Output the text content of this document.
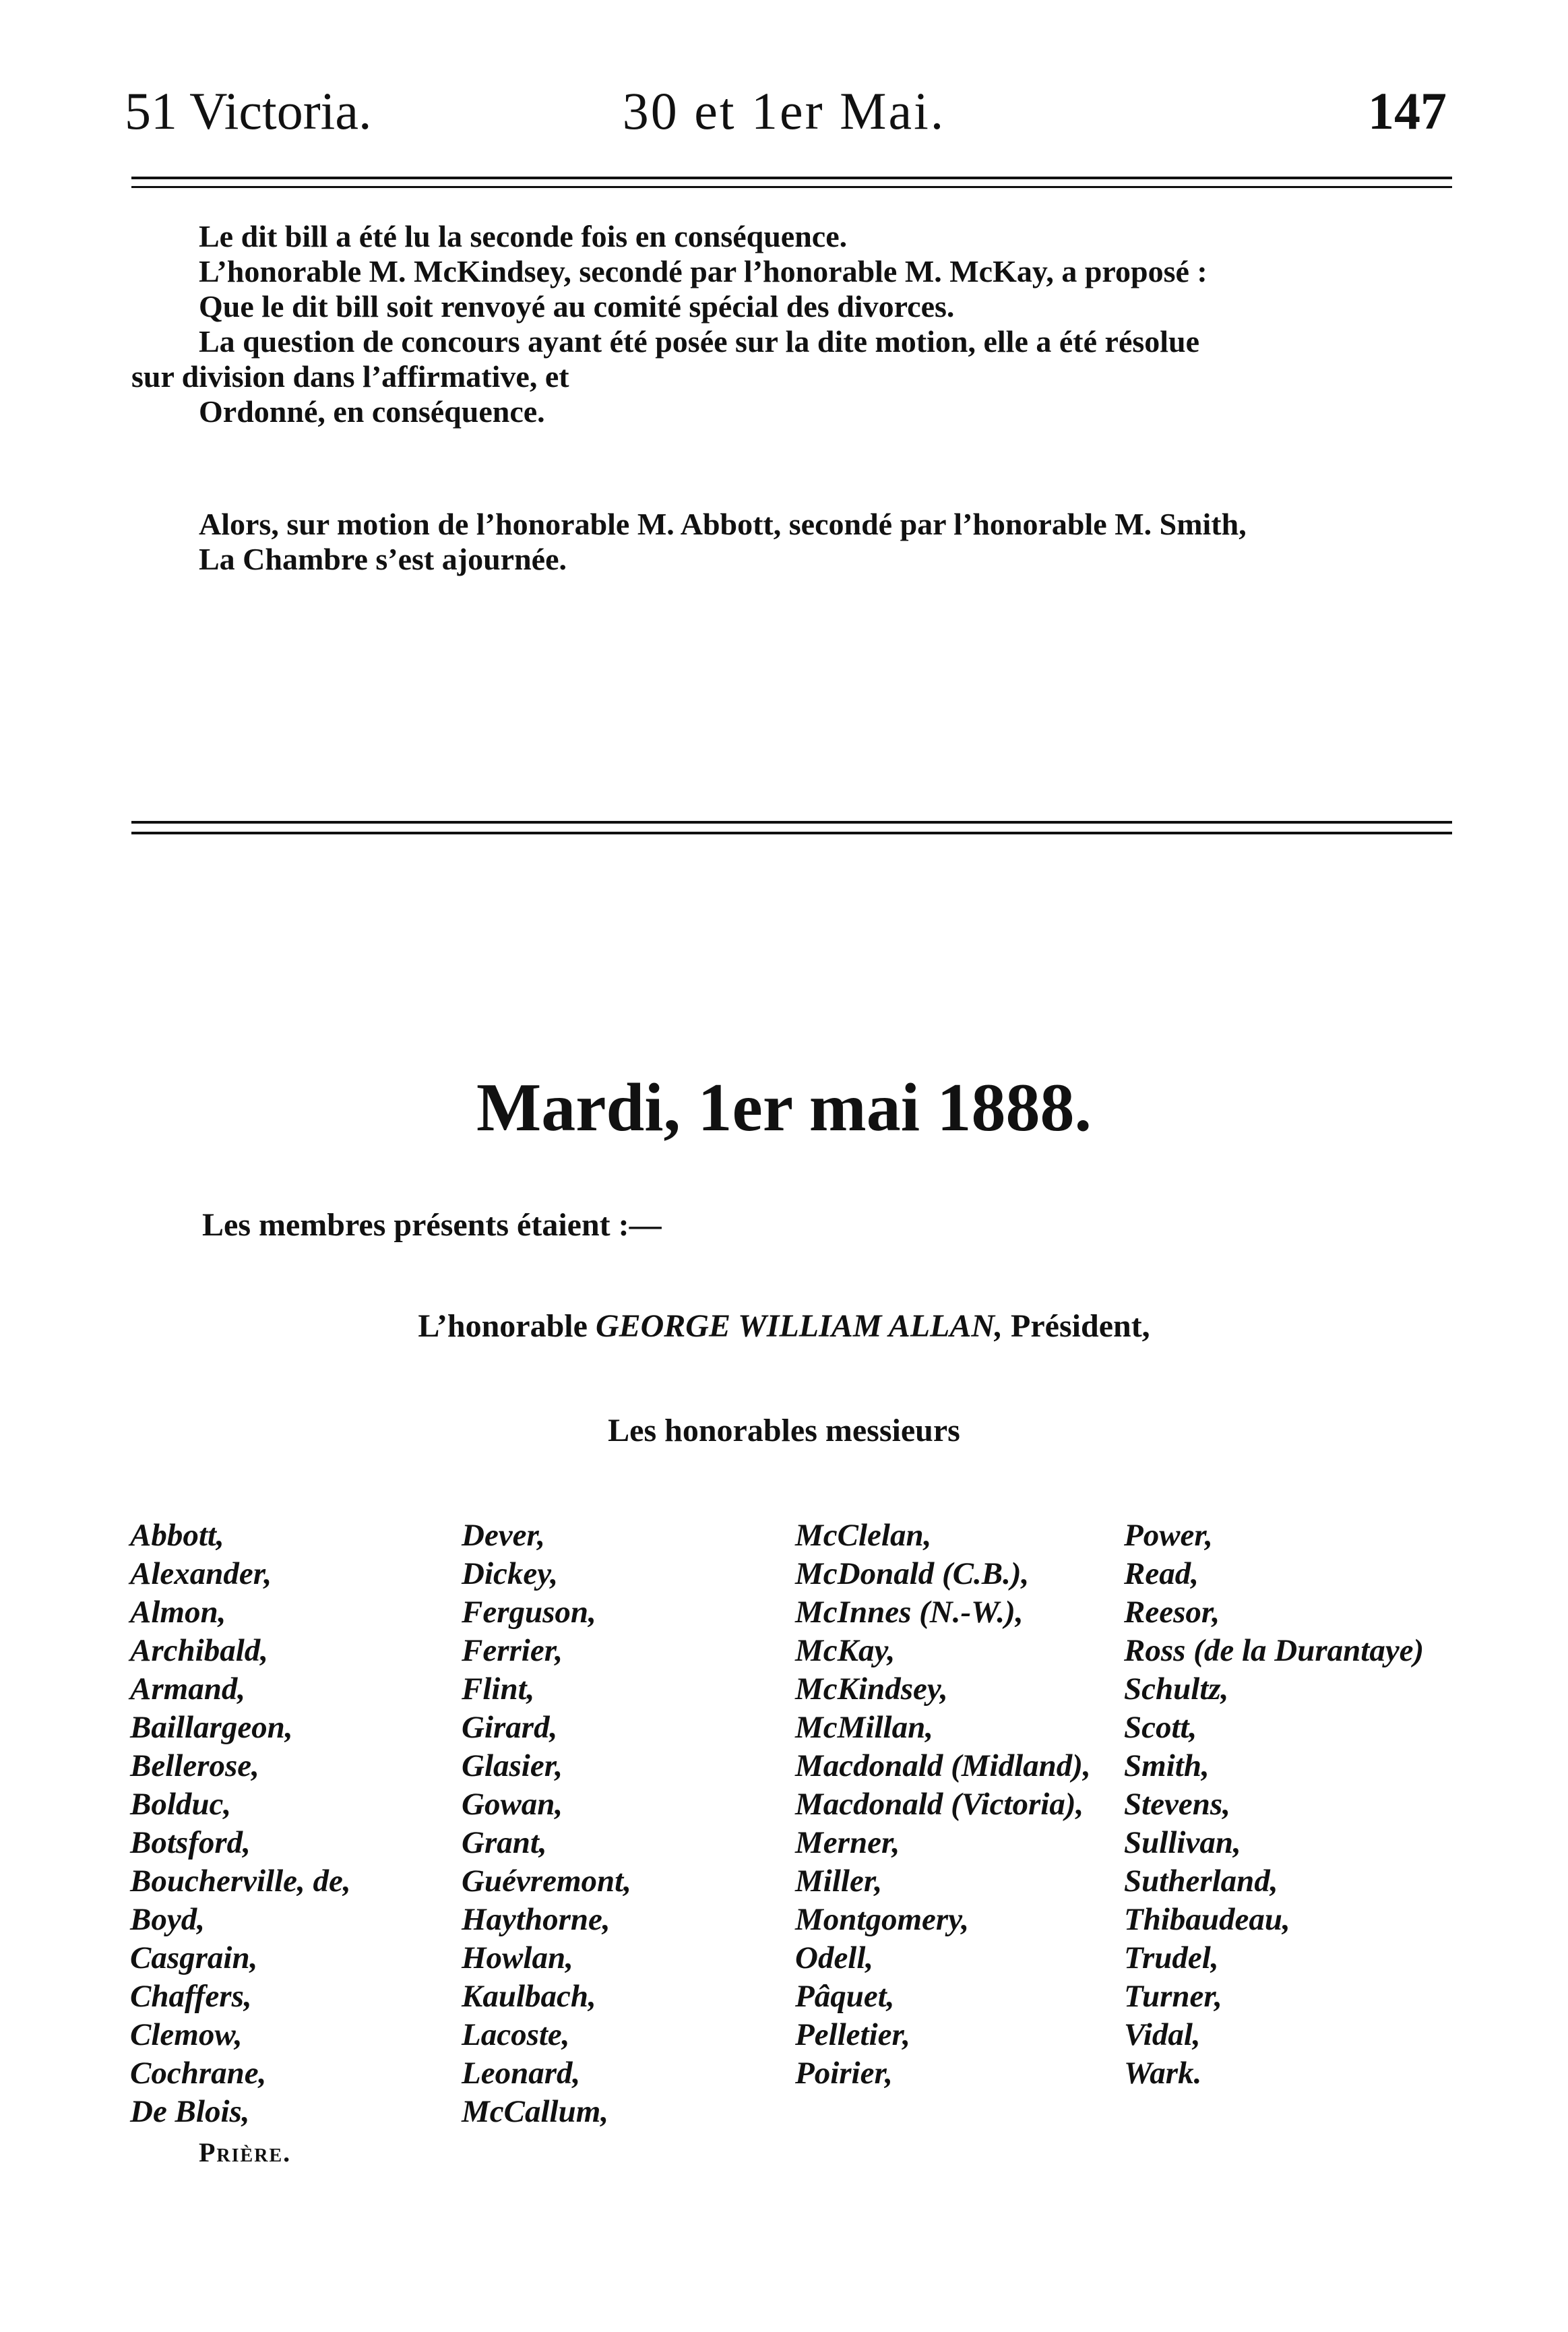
51 Victoria.	30 et 1er Mai.	147
Le dit bill a été lu la seconde fois en conséquence.
L’honorable M. McKindsey, secondé par l’honorable M. McKay, a proposé :
Que le dit bill soit renvoyé au comité spécial des divorces.
La question de concours ayant été posée sur la dite motion, elle a été résolue
sur division dans l’affirmative, et
Ordonné, en conséquence.
Alors, sur motion de l’honorable M. Abbott, secondé par l’honorable M. Smith,
La Chambre s’est ajournée.
Mardi, 1er mai 1888.
Les membres présents étaient :—
L’honorable GEORGE WILLIAM ALLAN, Président,
Les honorables messieurs
Abbott,
Alexander,
Almon,
Archibald,
Armand,
Baillargeon,
Bellerose,
Bolduc,
Botsford,
Boucherville, de,
Boyd,
Casgrain,
Chaffers,
Clemow,
Cochrane,
De Blois,
Dever,
Dickey,
Ferguson,
Ferrier,
Flint,
Girard,
Glasier,
Gowan,
Grant,
Guévremont,
Haythorne,
Howlan,
Kaulbach,
Lacoste,
Leonard,
McCallum,
McClelan,
McDonald (C.B.),
McInnes (N.-W.),
McKay,
McKindsey,
McMillan,
Macdonald (Midland),
Macdonald (Victoria),
Merner,
Miller,
Montgomery,
Odell,
Pâquet,
Pelletier,
Poirier,
Power,
Read,
Reesor,
Ross (de la Durantaye)
Schultz,
Scott,
Smith,
Stevens,
Sullivan,
Sutherland,
Thibaudeau,
Trudel,
Turner,
Vidal,
Wark.
Prière.
